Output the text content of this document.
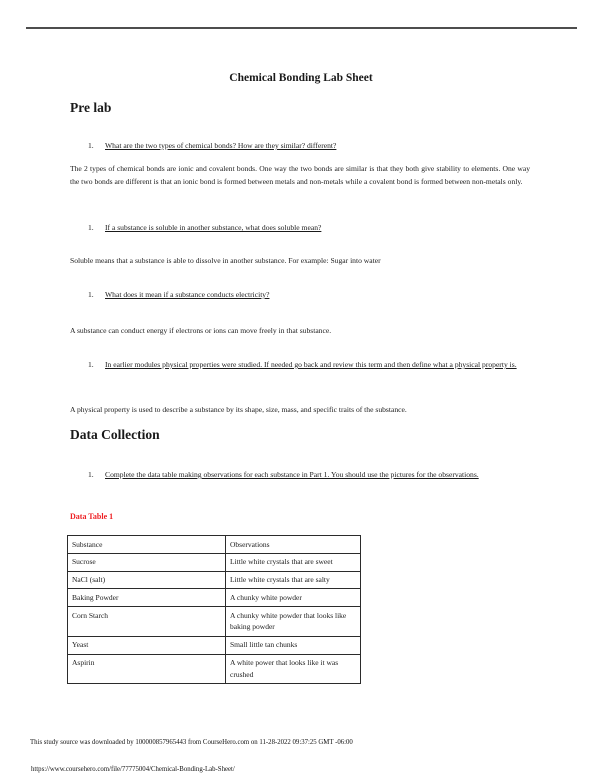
Chemical Bonding Lab Sheet
Pre lab
1.	What are the two types of chemical bonds? How are they similar? different?
The 2 types of chemical bonds are ionic and covalent bonds. One way the two bonds are similar is that they both give stability to elements. One way the two bonds are different is that an ionic bond is formed between metals and non-metals while a covalent bond is formed between non-metals only.
1.	If a substance is soluble in another substance, what does soluble mean?
Soluble means that a substance is able to dissolve in another substance. For example: Sugar into water
1.	What does it mean if a substance conducts electricity?
A substance can conduct energy if electrons or ions can move freely in that substance.
1.	In earlier modules physical properties were studied. If needed go back and review this term and then define what a physical property is.
A physical property is used to describe a substance by its shape, size, mass, and specific traits of the substance.
Data Collection
1.	Complete the data table making observations for each substance in Part 1. You should use the pictures for the observations.
Data Table 1
Substance	Observations
Sucrose	Little white crystals that are sweet
NaCl (salt)	Little white crystals that are salty
Baking Powder	A chunky white powder
Corn Starch	A chunky white powder that looks like baking powder
Yeast	Small little tan chunks
Aspirin	A white power that looks like it was crushed
This study source was downloaded by 100000857965443 from CourseHero.com on 11-28-2022 09:37:25 GMT -06:00
https://www.coursehero.com/file/77775004/Chemical-Bonding-Lab-Sheet/
